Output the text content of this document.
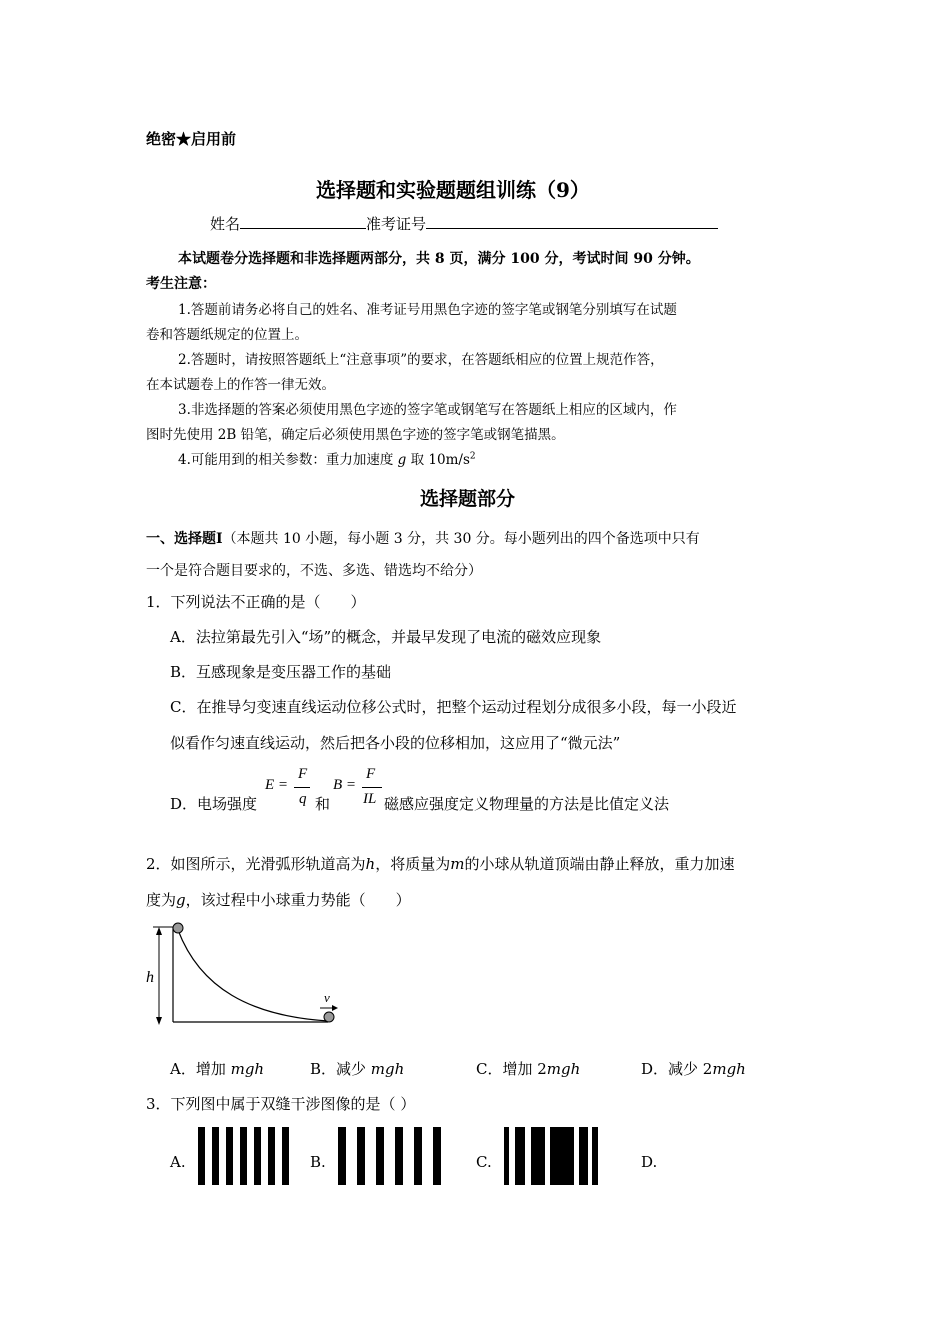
绝密★启用前
选择题和实验题题组训练（9）
姓名	准考证号
本试题卷分选择题和非选择题两部分，共 8 页，满分 100 分，考试时间 90 分钟。
考生注意：
1.答题前请务必将自己的姓名、准考证号用黑色字迹的签字笔或钢笔分别填写在试题
卷和答题纸规定的位置上。
2.答题时，请按照答题纸上“注意事项”的要求，在答题纸相应的位置上规范作答，
在本试题卷上的作答一律无效。
3.非选择题的答案必须使用黑色字迹的签字笔或钢笔写在答题纸上相应的区域内，作
图时先使用 2B 铅笔，确定后必须使用黑色字迹的签字笔或钢笔描黑。
4.可能用到的相关参数：重力加速度 g 取 $10m/s^2$
选择题部分
一、选择题Ⅰ（本题共 10 小题，每小题 3 分，共 30 分。每小题列出的四个备选项中只有
一个是符合题目要求的，不选、多选、错选均不给分）
1．下列说法不正确的是（　　）
A．法拉第最先引入“场”的概念，并最早发现了电流的磁效应现象
B．互感现象是变压器工作的基础
C．在推导匀变速直线运动位移公式时，把整个运动过程划分成很多小段，每一小段近
似看作匀速直线运动，然后把各小段的位移相加，这应用了“微元法”
D．电场强度
E =
F
q 和
B =
F
IL 磁感应强度定义物理量的方法是比值定义法
2．如图所示，光滑弧形轨道高为h，将质量为m的小球从轨道顶端由静止释放，重力加速
度为g，该过程中小球重力势能（　　）
h
v
A．增加 mgh	B．减少 mgh	C．增加 2mgh	D．减少 2mgh
3．下列图中属于双缝干涉图像的是（ ）
A.	B.	C.	D.
